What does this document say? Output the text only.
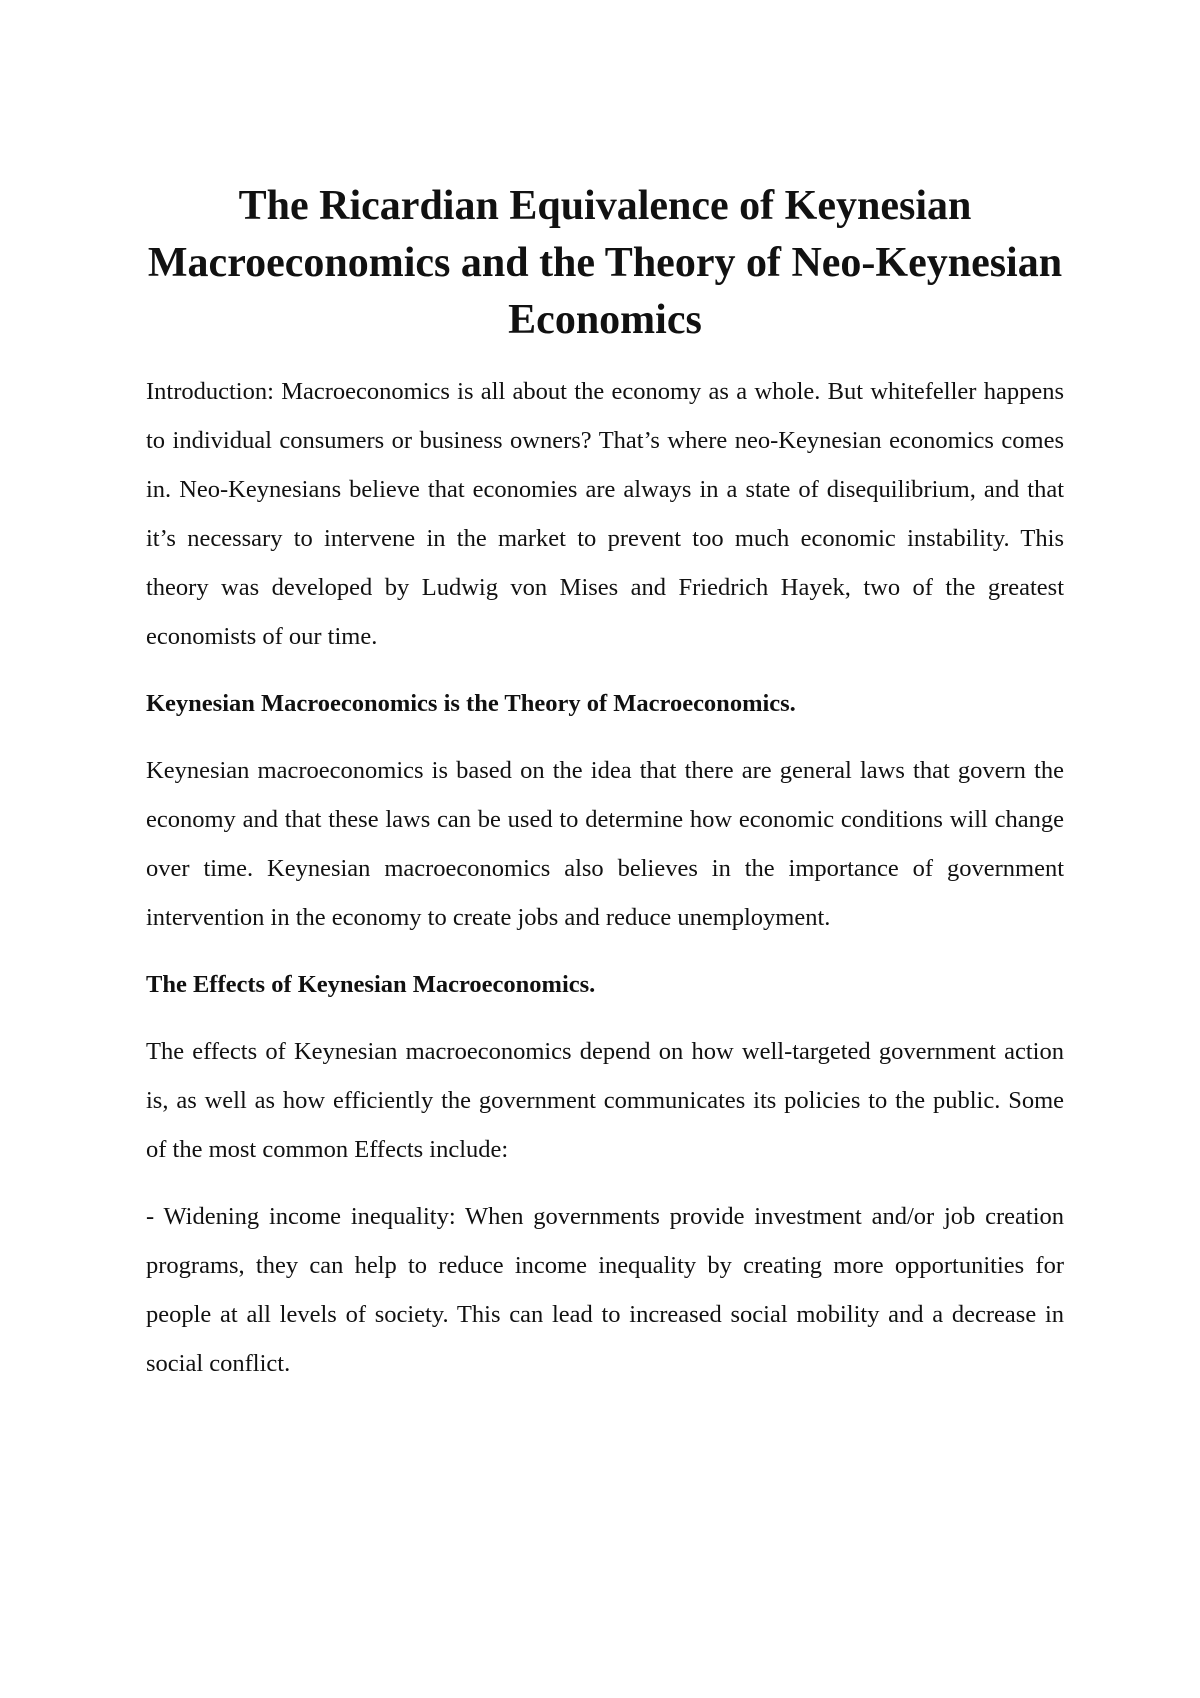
The Ricardian Equivalence of Keynesian Macroeconomics and the Theory of Neo-Keynesian Economics

Introduction: Macroeconomics is all about the economy as a whole. But whitefeller happens to individual consumers or business owners? That’s where neo-Keynesian economics comes in. Neo-Keynesians believe that economies are always in a state of disequilibrium, and that it’s necessary to intervene in the market to prevent too much economic instability. This theory was developed by Ludwig von Mises and Friedrich Hayek, two of the greatest economists of our time.

Keynesian Macroeconomics is the Theory of Macroeconomics.

Keynesian macroeconomics is based on the idea that there are general laws that govern the economy and that these laws can be used to determine how economic conditions will change over time. Keynesian macroeconomics also believes in the importance of government intervention in the economy to create jobs and reduce unemployment.

The Effects of Keynesian Macroeconomics.

The effects of Keynesian macroeconomics depend on how well-targeted government action is, as well as how efficiently the government communicates its policies to the public. Some of the most common Effects include:

- Widening income inequality: When governments provide investment and/or job creation programs, they can help to reduce income inequality by creating more opportunities for people at all levels of society. This can lead to increased social mobility and a decrease in social conflict.
